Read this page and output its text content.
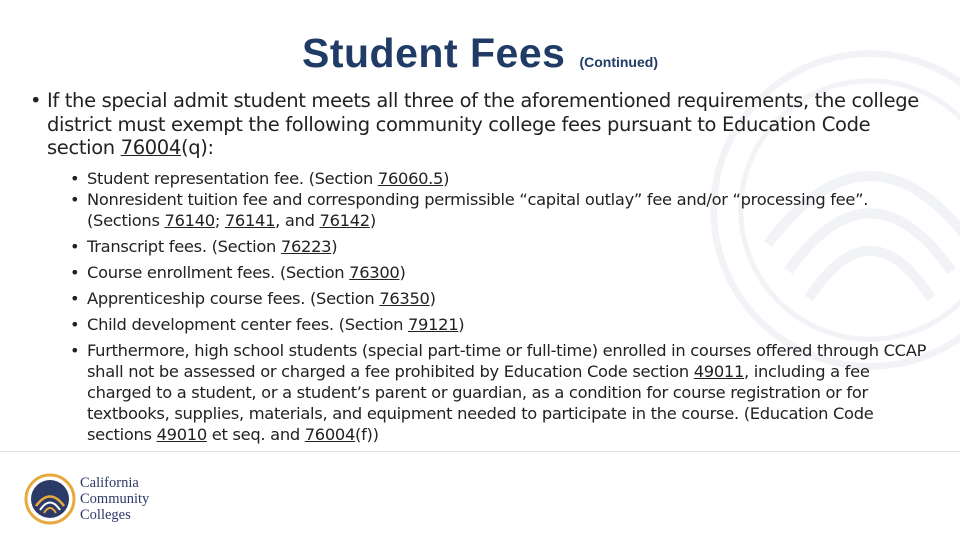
Student Fees (Continued)
• If the special admit student meets all three of the aforementioned requirements, the college district must exempt the following community college fees pursuant to Education Code section 76004(q):
• Student representation fee. (Section 76060.5)
• Nonresident tuition fee and corresponding permissible “capital outlay” fee and/or “processing fee”. (Sections 76140; 76141, and 76142)
• Transcript fees. (Section 76223)
• Course enrollment fees. (Section 76300)
• Apprenticeship course fees. (Section 76350)
• Child development center fees. (Section 79121)
• Furthermore, high school students (special part-time or full-time) enrolled in courses offered through CCAP shall not be assessed or charged a fee prohibited by Education Code section 49011, including a fee charged to a student, or a student’s parent or guardian, as a condition for course registration or for textbooks, supplies, materials, and equipment needed to participate in the course. (Education Code sections 49010 et seq. and 76004(f))
California
Community
Colleges
